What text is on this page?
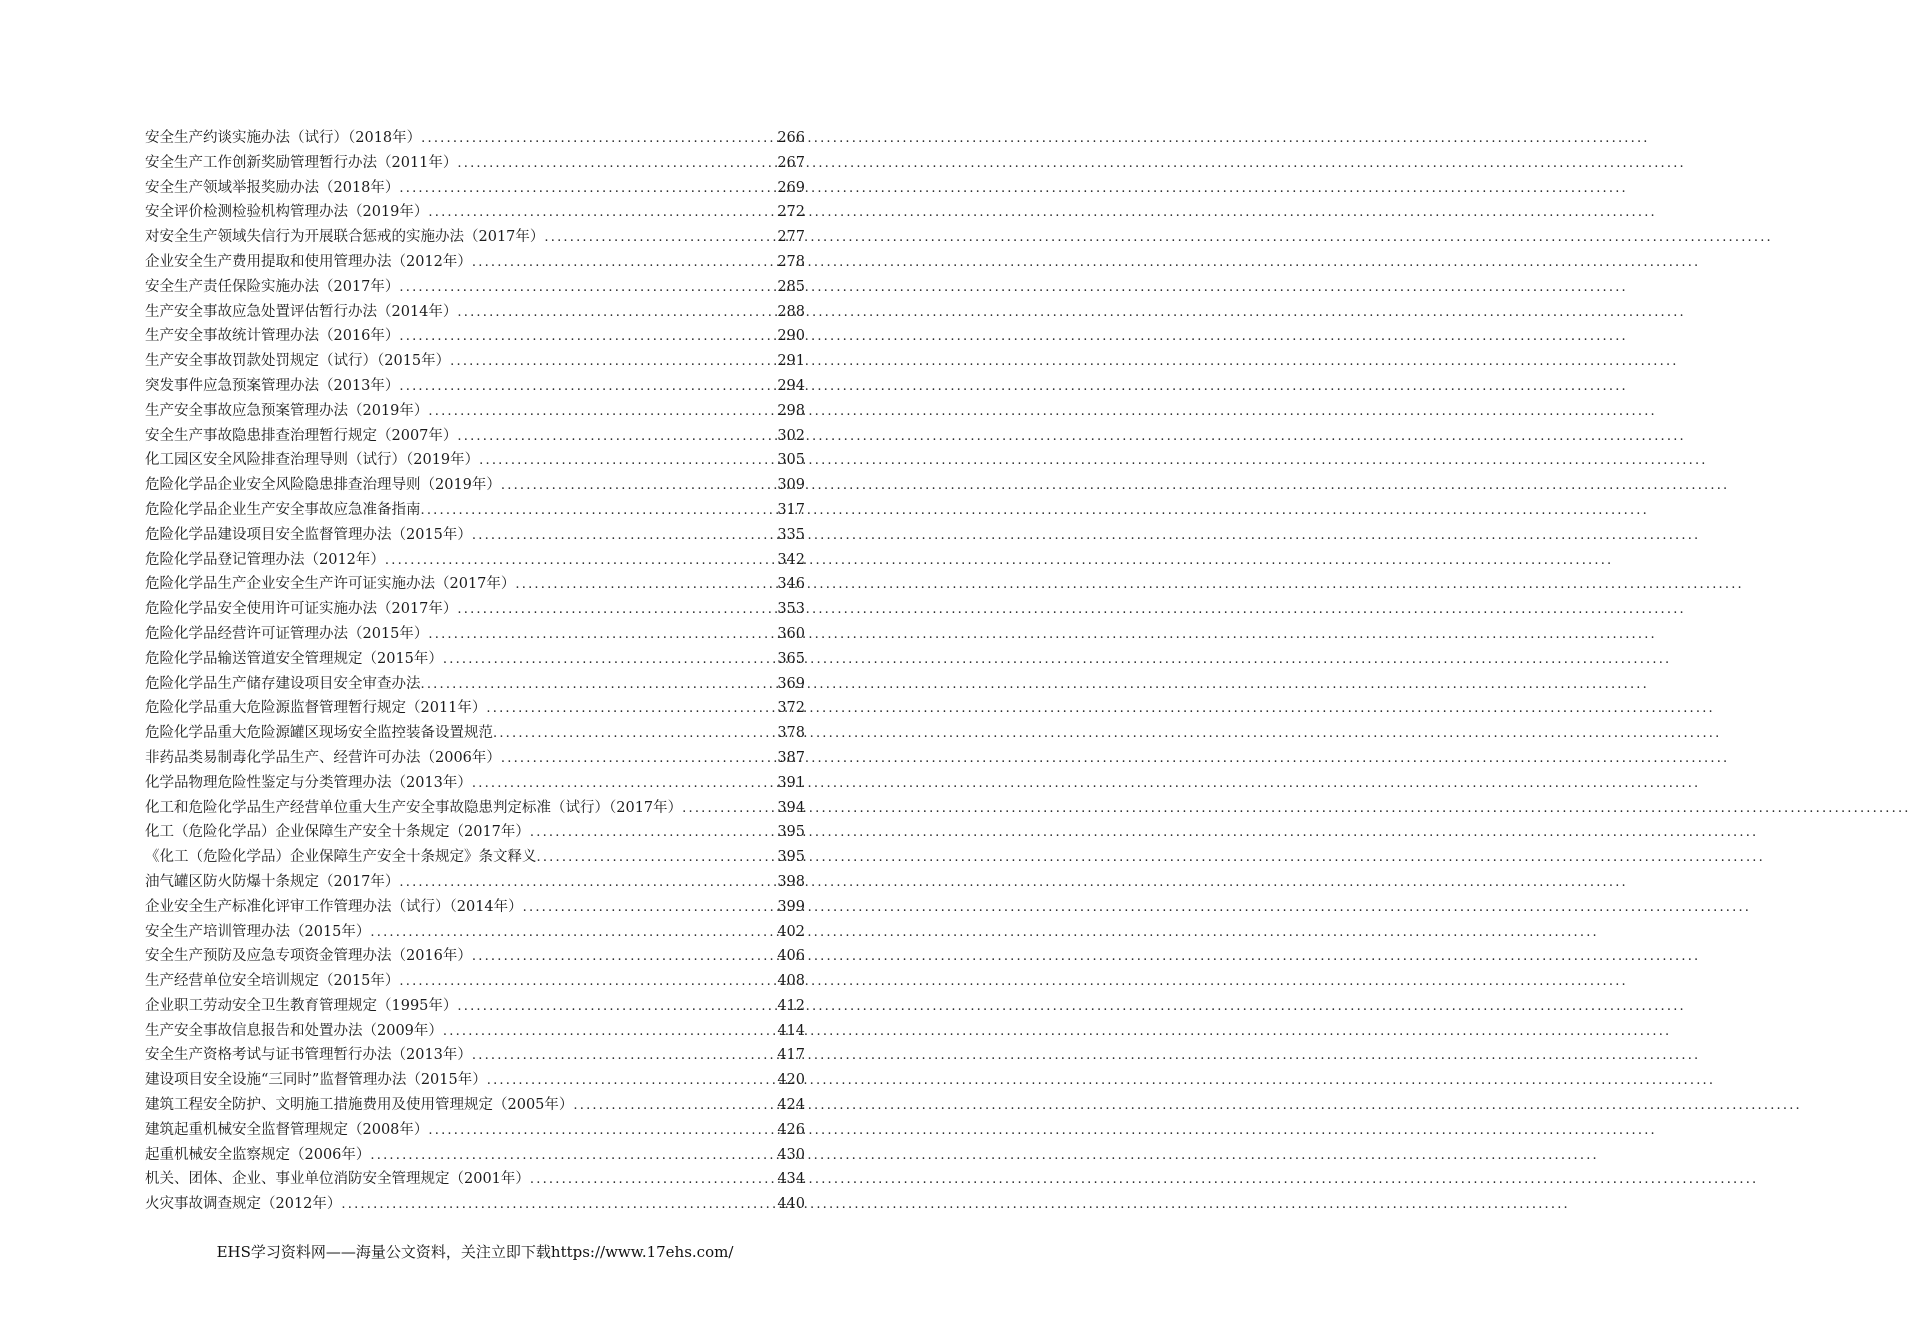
安全生产约谈实施办法（试行）（2018年） .....	266
安全生产工作创新奖励管理暂行办法（2011年） .....	267
安全生产领域举报奖励办法（2018年） .....	269
安全评价检测检验机构管理办法（2019年） .....	272
对安全生产领域失信行为开展联合惩戒的实施办法（2017年） .....	277
企业安全生产费用提取和使用管理办法（2012年） .....	278
安全生产责任保险实施办法（2017年） .....	285
生产安全事故应急处置评估暂行办法（2014年） .....	288
生产安全事故统计管理办法（2016年） .....	290
生产安全事故罚款处罚规定（试行）（2015年） .....	291
突发事件应急预案管理办法（2013年） .....	294
生产安全事故应急预案管理办法（2019年） .....	298
安全生产事故隐患排查治理暂行规定（2007年） .....	302
化工园区安全风险排查治理导则（试行）（2019年） .....	305
危险化学品企业安全风险隐患排查治理导则（2019年） .....	309
危险化学品企业生产安全事故应急准备指南 .....	317
危险化学品建设项目安全监督管理办法（2015年） .....	335
危险化学品登记管理办法（2012年） .....	342
危险化学品生产企业安全生产许可证实施办法（2017年） .....	346
危险化学品安全使用许可证实施办法（2017年） .....	353
危险化学品经营许可证管理办法（2015年） .....	360
危险化学品输送管道安全管理规定（2015年） .....	365
危险化学品生产储存建设项目安全审查办法 .....	369
危险化学品重大危险源监督管理暂行规定（2011年） .....	372
危险化学品重大危险源罐区现场安全监控装备设置规范 .....	378
非药品类易制毒化学品生产、经营许可办法（2006年） .....	387
化学品物理危险性鉴定与分类管理办法（2013年） .....	391
化工和危险化学品生产经营单位重大生产安全事故隐患判定标准（试行）（2017年） .....	394
化工（危险化学品）企业保障生产安全十条规定（2017年） .....	395
《化工（危险化学品）企业保障生产安全十条规定》条文释义 .....	395
油气罐区防火防爆十条规定（2017年） .....	398
企业安全生产标准化评审工作管理办法（试行）（2014年） .....	399
安全生产培训管理办法（2015年） .....	402
安全生产预防及应急专项资金管理办法（2016年） .....	406
生产经营单位安全培训规定（2015年） .....	408
企业职工劳动安全卫生教育管理规定（1995年） .....	412
生产安全事故信息报告和处置办法（2009年） .....	414
安全生产资格考试与证书管理暂行办法（2013年） .....	417
建设项目安全设施“三同时”监督管理办法（2015年） .....	420
建筑工程安全防护、文明施工措施费用及使用管理规定（2005年） .....	424
建筑起重机械安全监督管理规定（2008年） .....	426
起重机械安全监察规定（2006年） .....	430
机关、团体、企业、事业单位消防安全管理规定（2001年） .....	434
火灾事故调查规定（2012年） .....	440
EHS学习资料网——海量公文资料，关注立即下载https://www.17ehs.com/
